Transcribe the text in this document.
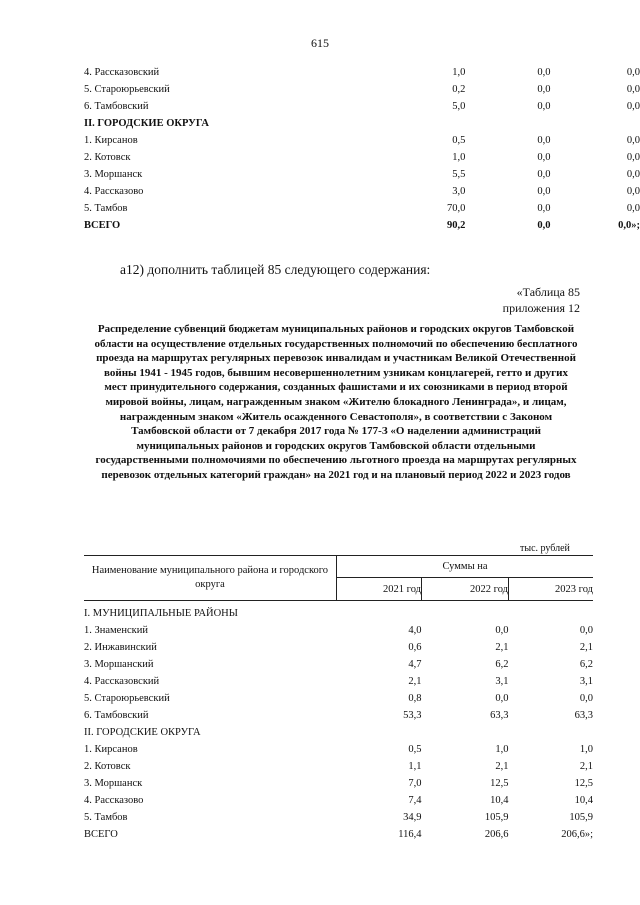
615
4. Рассказовский	1,0	0,0	0,0
5. Староюрьевский	0,2	0,0	0,0
6. Тамбовский	5,0	0,0	0,0
II. ГОРОДСКИЕ ОКРУГА			
1. Кирсанов	0,5	0,0	0,0
2. Котовск	1,0	0,0	0,0
3. Моршанск	5,5	0,0	0,0
4. Рассказово	3,0	0,0	0,0
5. Тамбов	70,0	0,0	0,0
ВСЕГО	90,2	0,0	0,0»;
а12) дополнить таблицей 85 следующего содержания:
«Таблица 85
приложения 12
Распределение субвенций бюджетам муниципальных районов и городских округов Тамбовской области на осуществление отдельных государственных полномочий по обеспечению бесплатного проезда на маршрутах регулярных перевозок инвалидам и участникам Великой Отечественной войны 1941 - 1945 годов, бывшим несовершеннолетним узникам концлагерей, гетто и других мест принудительного содержания, созданных фашистами и их союзниками в период второй мировой войны, лицам, награжденным знаком «Жителю блокадного Ленинграда», и лицам, награжденным знаком «Житель осажденного Севастополя», в соответствии с Законом Тамбовской области от 7 декабря 2017 года № 177-З «О наделении администраций муниципальных районов и городских округов Тамбовской области отдельными государственными полномочиями по обеспечению льготного проезда на маршрутах регулярных перевозок отдельных категорий граждан» на 2021 год и на плановый период 2022 и 2023 годов
тыс. рублей
Наименование муниципального района и городского округа	Суммы на		
	2021 год	2022 год	2023 год
I. МУНИЦИПАЛЬНЫЕ РАЙОНЫ			
1. Знаменский	4,0	0,0	0,0
2. Инжавинский	0,6	2,1	2,1
3. Моршанский	4,7	6,2	6,2
4. Рассказовский	2,1	3,1	3,1
5. Староюрьевский	0,8	0,0	0,0
6. Тамбовский	53,3	63,3	63,3
II. ГОРОДСКИЕ ОКРУГА			
1. Кирсанов	0,5	1,0	1,0
2. Котовск	1,1	2,1	2,1
3. Моршанск	7,0	12,5	12,5
4. Рассказово	7,4	10,4	10,4
5. Тамбов	34,9	105,9	105,9
ВСЕГО	116,4	206,6	206,6»;
